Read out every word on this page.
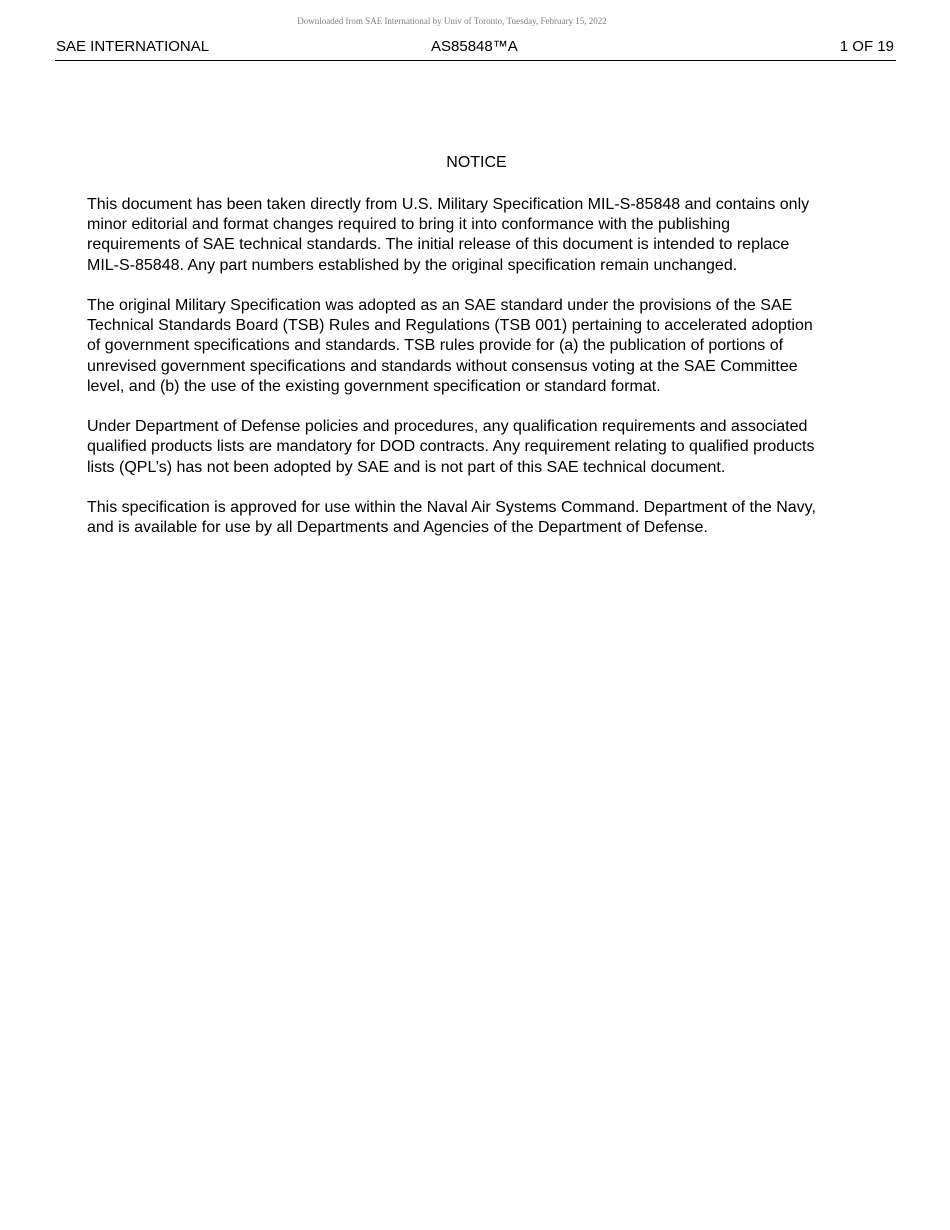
Downloaded from SAE International by Univ of Toronto, Tuesday, February 15, 2022
SAE INTERNATIONAL	AS85848™A	1 OF 19
NOTICE

This document has been taken directly from U.S. Military Specification MIL-S-85848 and contains only
minor editorial and format changes required to bring it into conformance with the publishing
requirements of SAE technical standards. The initial release of this document is intended to replace
MIL-S-85848. Any part numbers established by the original specification remain unchanged.

The original Military Specification was adopted as an SAE standard under the provisions of the SAE
Technical Standards Board (TSB) Rules and Regulations (TSB 001) pertaining to accelerated adoption
of government specifications and standards. TSB rules provide for (a) the publication of portions of
unrevised government specifications and standards without consensus voting at the SAE Committee
level, and (b) the use of the existing government specification or standard format.

Under Department of Defense policies and procedures, any qualification requirements and associated
qualified products lists are mandatory for DOD contracts. Any requirement relating to qualified products
lists (QPL’s) has not been adopted by SAE and is not part of this SAE technical document.

This specification is approved for use within the Naval Air Systems Command. Department of the Navy,
and is available for use by all Departments and Agencies of the Department of Defense.
